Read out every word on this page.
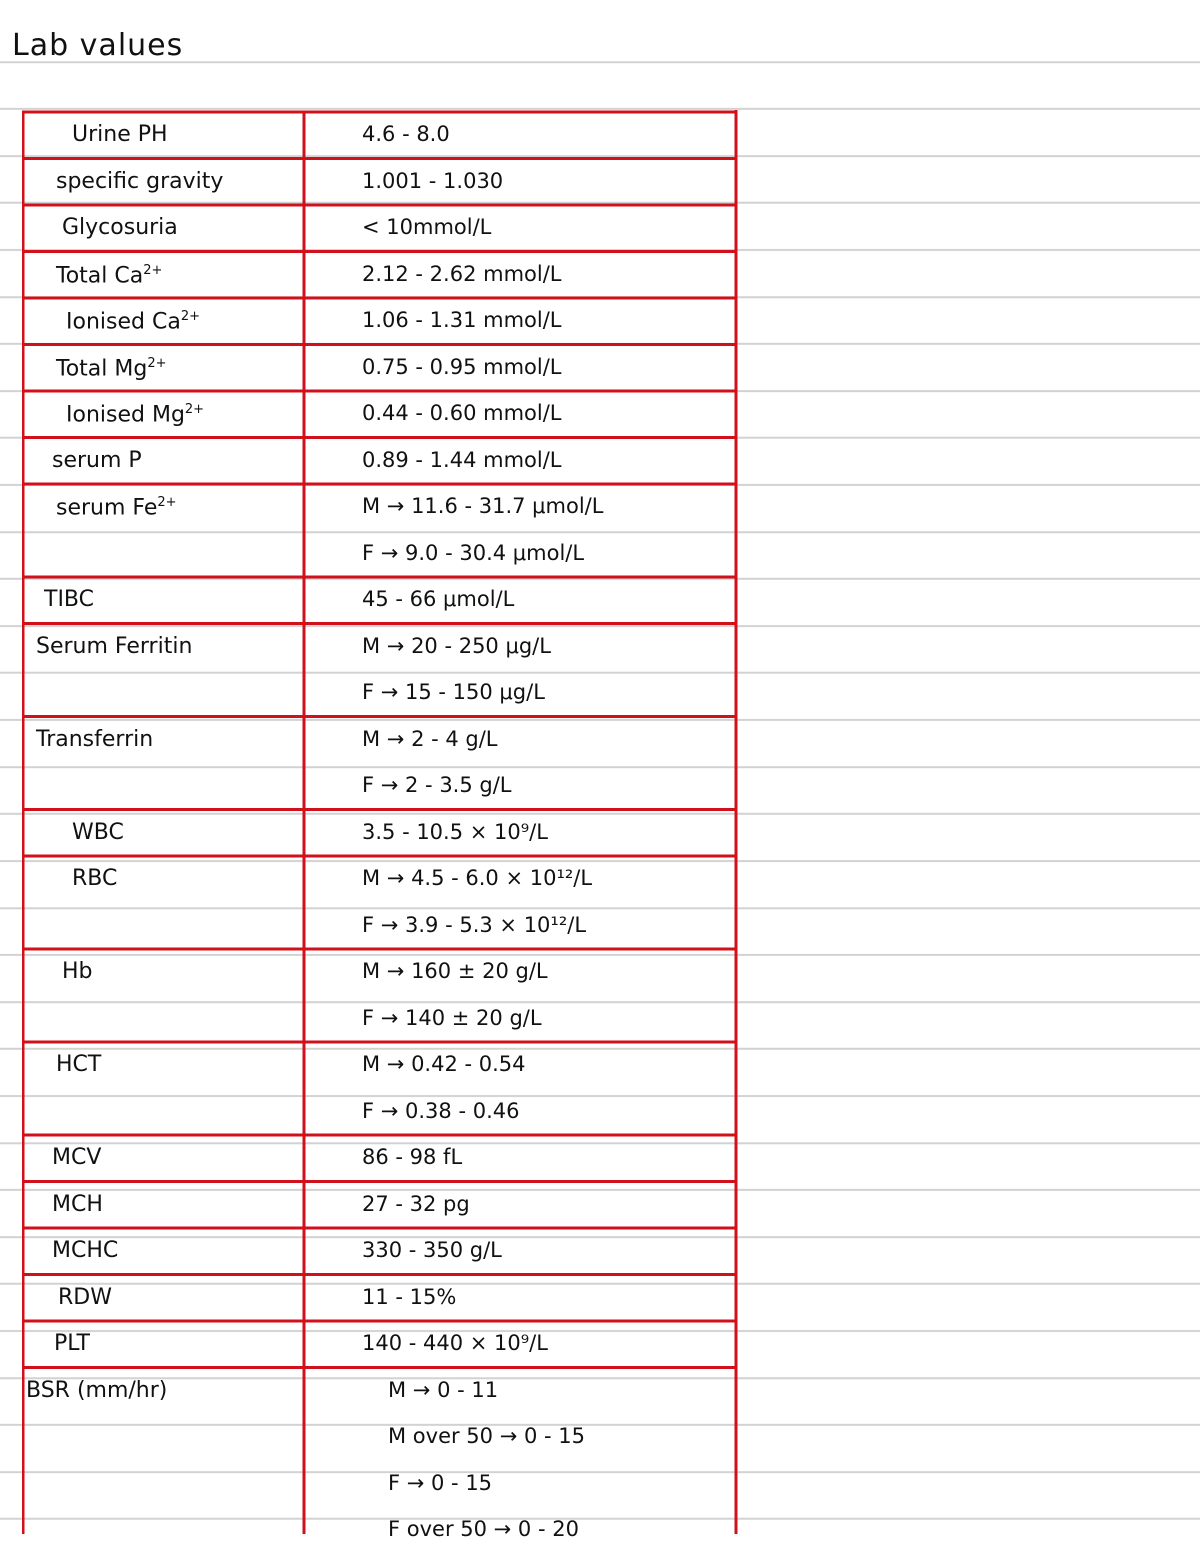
Lab values
Urine PH	4.6 - 8.0
specific gravity	1.001 - 1.030
Glycosuria	< 10mmol/L
Total $Ca^{2+}$	2.12 - 2.62 mmol/L
Ionised $Ca^{2+}$	1.06 - 1.31 mmol/L
Total $Mg^{2+}$	0.75 - 0.95 mmol/L
Ionised $Mg^{2+}$	0.44 - 0.60 mmol/L
serum P	0.89 - 1.44 mmol/L
serum $Fe^{2+}$	M → 11.6 - 31.7 μmol/L
F → 9.0 - 30.4 μmol/L
TIBC	45 - 66 μmol/L
Serum Ferritin	M → 20 - 250 μg/L
F → 15 - 150 μg/L
Transferrin	M → 2 - 4 g/L
F → 2 - 3.5 g/L
WBC	3.5 - 10.5 × 10⁹/L
RBC	M → 4.5 - 6.0 × 10¹²/L
F → 3.9 - 5.3 × 10¹²/L
Hb	M → 160 ± 20 g/L
F → 140 ± 20 g/L
HCT	M → 0.42 - 0.54
F → 0.38 - 0.46
MCV	86 - 98 fL
MCH	27 - 32 pg
MCHC	330 - 350 g/L
RDW	11 - 15%
PLT	140 - 440 × 10⁹/L
BSR (mm/hr)	M → 0 - 11
M over 50 → 0 - 15
F → 0 - 15
F over 50 → 0 - 20
